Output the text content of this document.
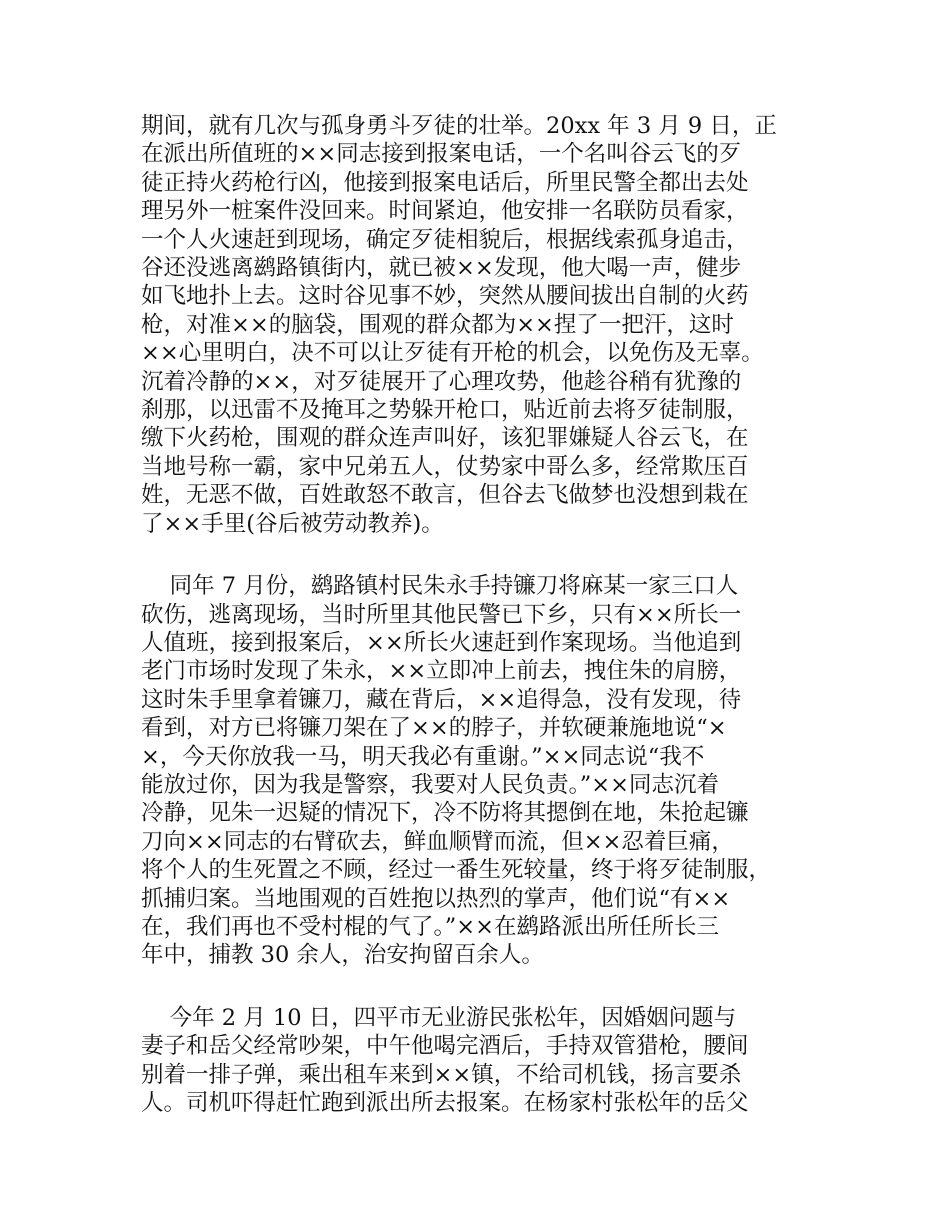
期间，就有几次与孤身勇斗歹徒的壮举。20xx 年 3 月 9 日，正
在派出所值班的××同志接到报案电话，一个名叫谷云飞的歹
徒正持火药枪行凶，他接到报案电话后，所里民警全都出去处
理另外一桩案件没回来。时间紧迫，他安排一名联防员看家，
一个人火速赶到现场，确定歹徒相貌后，根据线索孤身追击，
谷还没逃离鹚路镇街内，就已被××发现，他大喝一声，健步
如飞地扑上去。这时谷见事不妙，突然从腰间拔出自制的火药
枪，对准××的脑袋，围观的群众都为××捏了一把汗，这时
××心里明白，决不可以让歹徒有开枪的机会，以免伤及无辜。
沉着冷静的××，对歹徒展开了心理攻势，他趁谷稍有犹豫的
刹那，以迅雷不及掩耳之势躲开枪口，贴近前去将歹徒制服，
缴下火药枪，围观的群众连声叫好，该犯罪嫌疑人谷云飞，在
当地号称一霸，家中兄弟五人，仗势家中哥么多，经常欺压百
姓，无恶不做，百姓敢怒不敢言，但谷去飞做梦也没想到栽在
了××手里(谷后被劳动教养)。

同年 7 月份，鹚路镇村民朱永手持镰刀将麻某一家三口人
砍伤，逃离现场，当时所里其他民警已下乡，只有××所长一
人值班，接到报案后，××所长火速赶到作案现场。当他追到
老门市场时发现了朱永，××立即冲上前去，拽住朱的肩膀，
这时朱手里拿着镰刀，藏在背后，××追得急，没有发现，待
看到，对方已将镰刀架在了××的脖子，并软硬兼施地说“×
×，今天你放我一马，明天我必有重谢。”××同志说“我不
能放过你，因为我是警察，我要对人民负责。”××同志沉着
冷静，见朱一迟疑的情况下，冷不防将其摁倒在地，朱抢起镰
刀向××同志的右臂砍去，鲜血顺臂而流，但××忍着巨痛，
将个人的生死置之不顾，经过一番生死较量，终于将歹徒制服，
抓捕归案。当地围观的百姓抱以热烈的掌声，他们说“有××
在，我们再也不受村棍的气了。”××在鹚路派出所任所长三
年中，捕教 30 余人，治安拘留百余人。

今年 2 月 10 日，四平市无业游民张松年，因婚姻问题与
妻子和岳父经常吵架，中午他喝完酒后，手持双管猎枪，腰间
别着一排子弹，乘出租车来到××镇，不给司机钱，扬言要杀
人。司机吓得赶忙跑到派出所去报案。在杨家村张松年的岳父
